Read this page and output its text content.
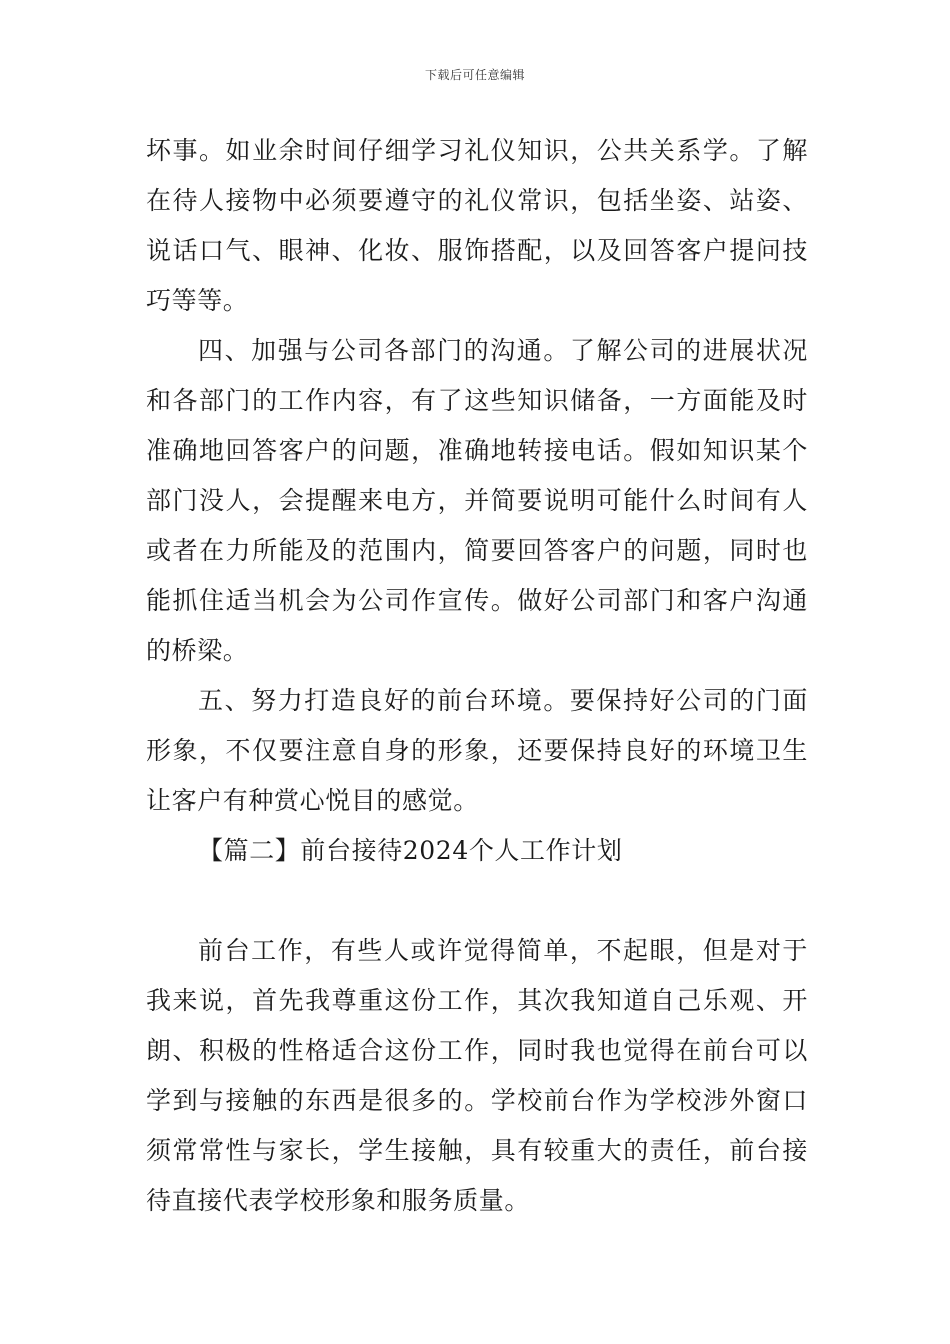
下载后可任意编辑

坏事。如业余时间仔细学习礼仪知识，公共关系学。了解在待人接物中必须要遵守的礼仪常识，包括坐姿、站姿、说话口气、眼神、化妆、服饰搭配，以及回答客户提问技巧等等。

四、加强与公司各部门的沟通。了解公司的进展状况和各部门的工作内容，有了这些知识储备，一方面能及时准确地回答客户的问题，准确地转接电话。假如知识某个部门没人，会提醒来电方，并简要说明可能什么时间有人或者在力所能及的范围内，简要回答客户的问题，同时也能抓住适当机会为公司作宣传。做好公司部门和客户沟通的桥梁。

五、努力打造良好的前台环境。要保持好公司的门面形象，不仅要注意自身的形象，还要保持良好的环境卫生让客户有种赏心悦目的感觉。

【篇二】前台接待2024个人工作计划

前台工作，有些人或许觉得简单，不起眼，但是对于我来说，首先我尊重这份工作，其次我知道自己乐观、开朗、积极的性格适合这份工作，同时我也觉得在前台可以学到与接触的东西是很多的。学校前台作为学校涉外窗口须常常性与家长，学生接触，具有较重大的责任，前台接待直接代表学校形象和服务质量。
